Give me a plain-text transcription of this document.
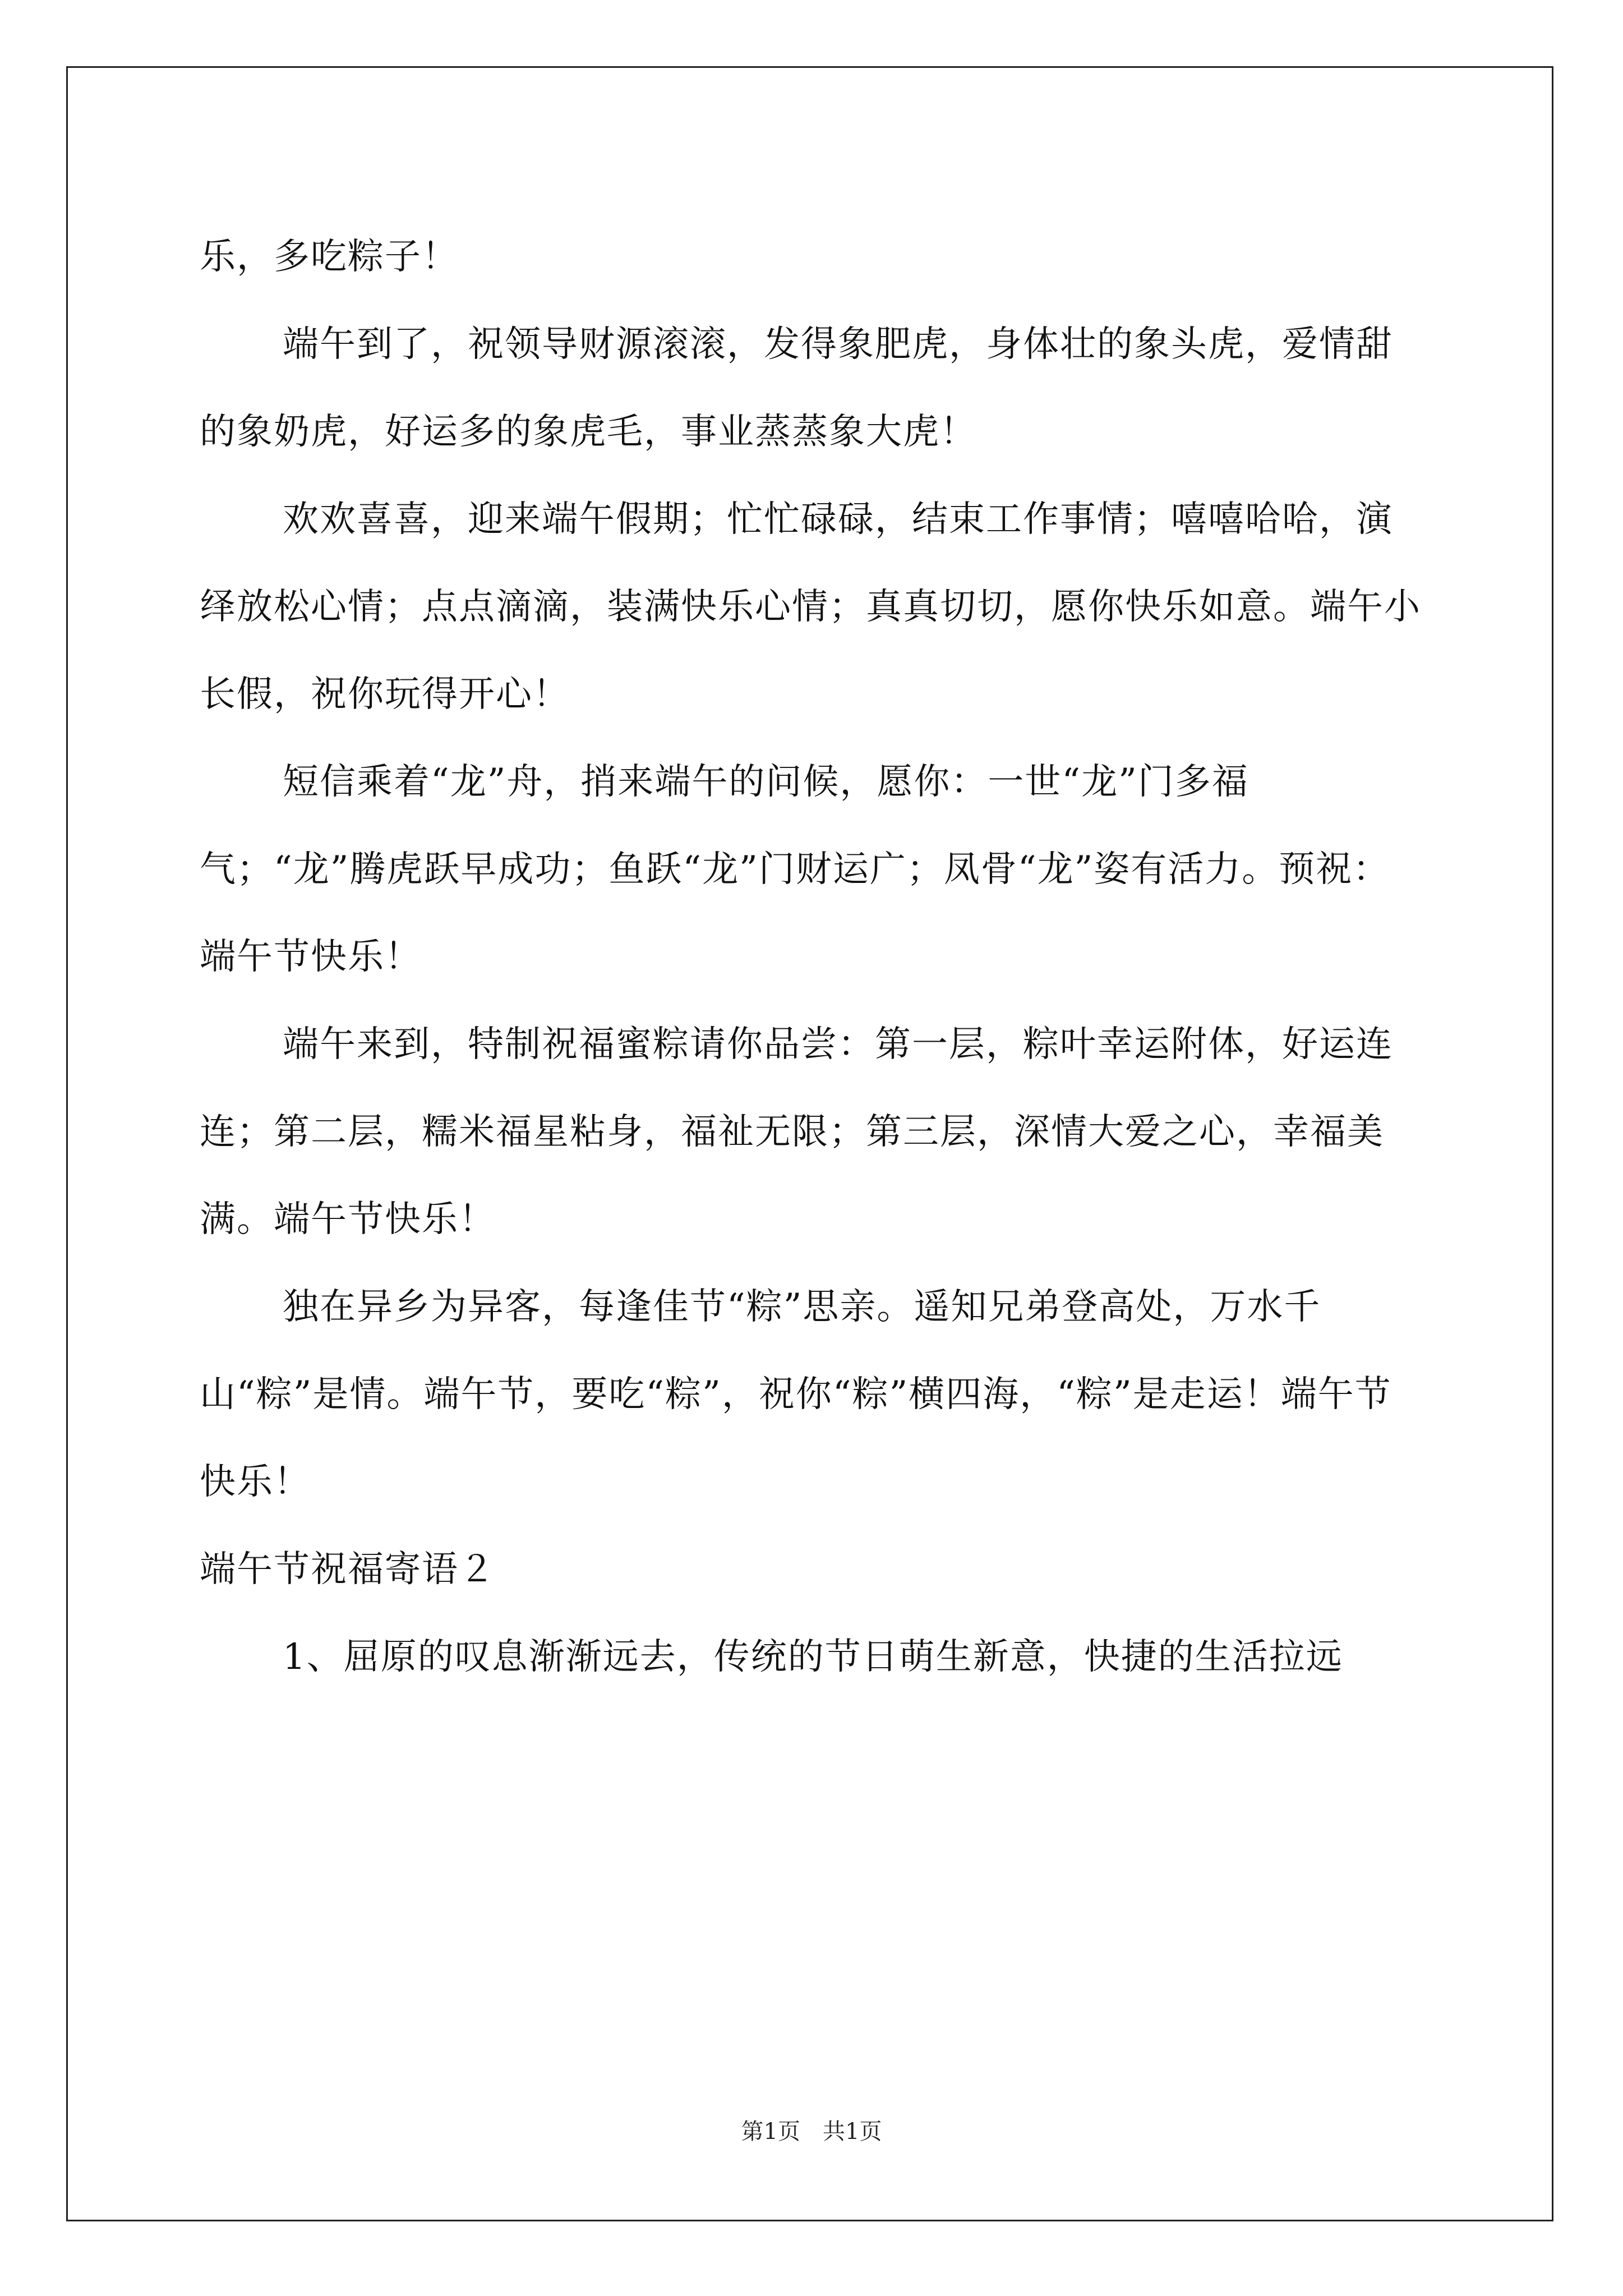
乐，多吃粽子！

端午到了，祝领导财源滚滚，发得象肥虎，身体壮的象头虎，爱情甜的象奶虎，好运多的象虎毛，事业蒸蒸象大虎！

欢欢喜喜，迎来端午假期；忙忙碌碌，结束工作事情；嘻嘻哈哈，演绎放松心情；点点滴滴，装满快乐心情；真真切切，愿你快乐如意。端午小长假，祝你玩得开心！

短信乘着“龙”舟，捎来端午的问候，愿你：一世“龙”门多福气；“龙”腾虎跃早成功；鱼跃“龙”门财运广；凤骨“龙”姿有活力。预祝：端午节快乐！

端午来到，特制祝福蜜粽请你品尝：第一层，粽叶幸运附体，好运连连；第二层，糯米福星粘身，福祉无限；第三层，深情大爱之心，幸福美满。端午节快乐！

独在异乡为异客，每逢佳节“粽”思亲。遥知兄弟登高处，万水千山“粽”是情。端午节，要吃“粽”，祝你“粽”横四海，“粽”是走运！端午节快乐！

端午节祝福寄语２

1、屈原的叹息渐渐远去，传统的节日萌生新意，快捷的生活拉远

第1页　共1页
